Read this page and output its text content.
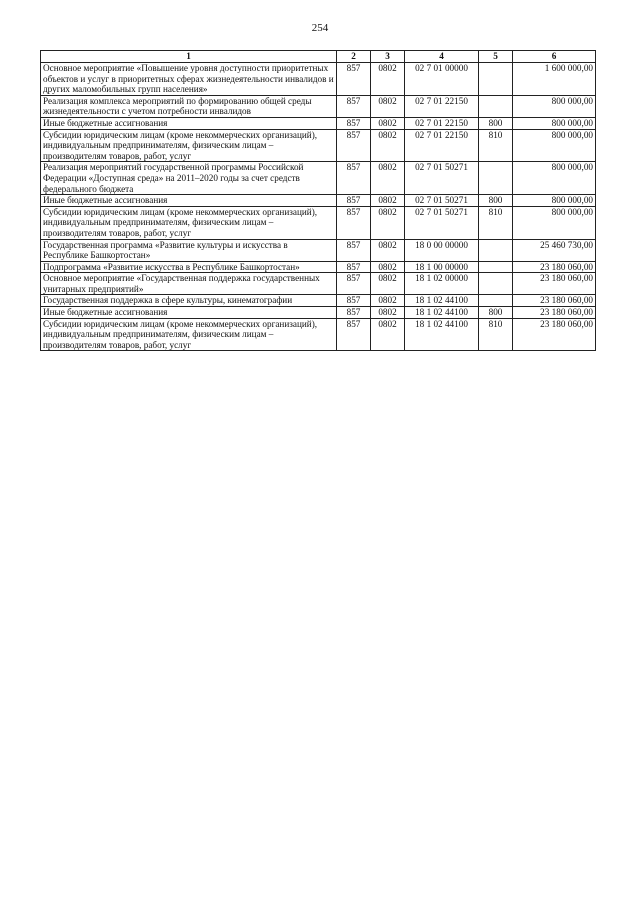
254
1	2	3	4	5	6
Основное мероприятие «Повышение уровня доступности приоритетных объектов и услуг в приоритетных сферах жизнедеятельности инвалидов и других маломобильных групп населения»	857	0802	02 7 01 00000		1 600 000,00
Реализация комплекса мероприятий по формированию общей среды жизнедеятельности с учетом потребности инвалидов	857	0802	02 7 01 22150		800 000,00
Иные бюджетные ассигнования	857	0802	02 7 01 22150	800	800 000,00
Субсидии юридическим лицам (кроме некоммерческих организаций), индивидуальным предпринимателям, физическим лицам – производителям товаров, работ, услуг	857	0802	02 7 01 22150	810	800 000,00
Реализация мероприятий государственной программы Российской Федерации «Доступная среда» на 2011–2020 годы за счет средств федерального бюджета	857	0802	02 7 01 50271		800 000,00
Иные бюджетные ассигнования	857	0802	02 7 01 50271	800	800 000,00
Субсидии юридическим лицам (кроме некоммерческих организаций), индивидуальным предпринимателям, физическим лицам – производителям товаров, работ, услуг	857	0802	02 7 01 50271	810	800 000,00
Государственная программа «Развитие культуры и искусства в Республике Башкортостан»	857	0802	18 0 00 00000		25 460 730,00
Подпрограмма «Развитие искусства в Республике Башкортостан»	857	0802	18 1 00 00000		23 180 060,00
Основное мероприятие «Государственная поддержка государственных унитарных предприятий»	857	0802	18 1 02 00000		23 180 060,00
Государственная поддержка в сфере культуры, кинематографии	857	0802	18 1 02 44100		23 180 060,00
Иные бюджетные ассигнования	857	0802	18 1 02 44100	800	23 180 060,00
Субсидии юридическим лицам (кроме некоммерческих организаций), индивидуальным предпринимателям, физическим лицам – производителям товаров, работ, услуг	857	0802	18 1 02 44100	810	23 180 060,00
